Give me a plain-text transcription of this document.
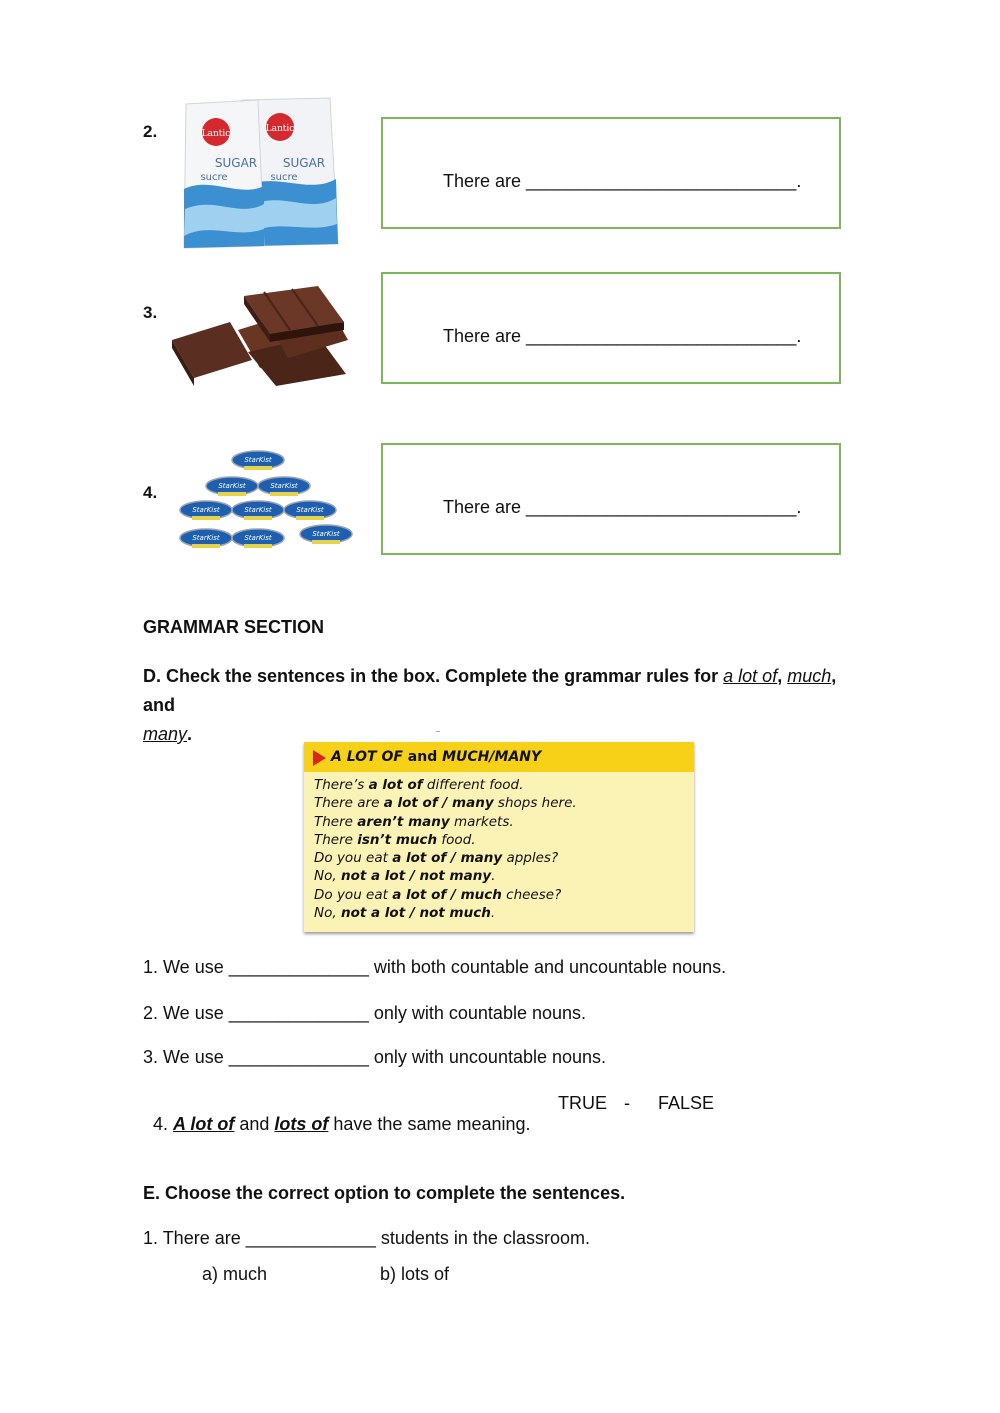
2.	Lantic
SUGAR
sucre
Lantic
SUGAR
sucre	There are ___________________________.
3.
There are ___________________________.
4.
StarKist
StarKist	StarKist
StarKist	StarKist	StarKist
StarKist	StarKist	StarKist
There are ___________________________.
GRAMMAR SECTION
D. Check the sentences in the box. Complete the grammar rules for a lot of, much, and
many.
A LOT OF and MUCH/MANY
There’s a lot of different food.
There are a lot of / many shops here.
There aren’t many markets.
There isn’t much food.
Do you eat a lot of / many apples?
No, not a lot / not many.
Do you eat a lot of / much cheese?
No, not a lot / not much.
1. We use ______________ with both countable and uncountable nouns.
2. We use ______________ only with countable nouns.
3. We use ______________ only with uncountable nouns.

4. A lot of and lots of have the same meaning.

TRUE - FALSE
E. Choose the correct option to complete the sentences.
1. There are _____________ students in the classroom.
a) much	b) lots of
